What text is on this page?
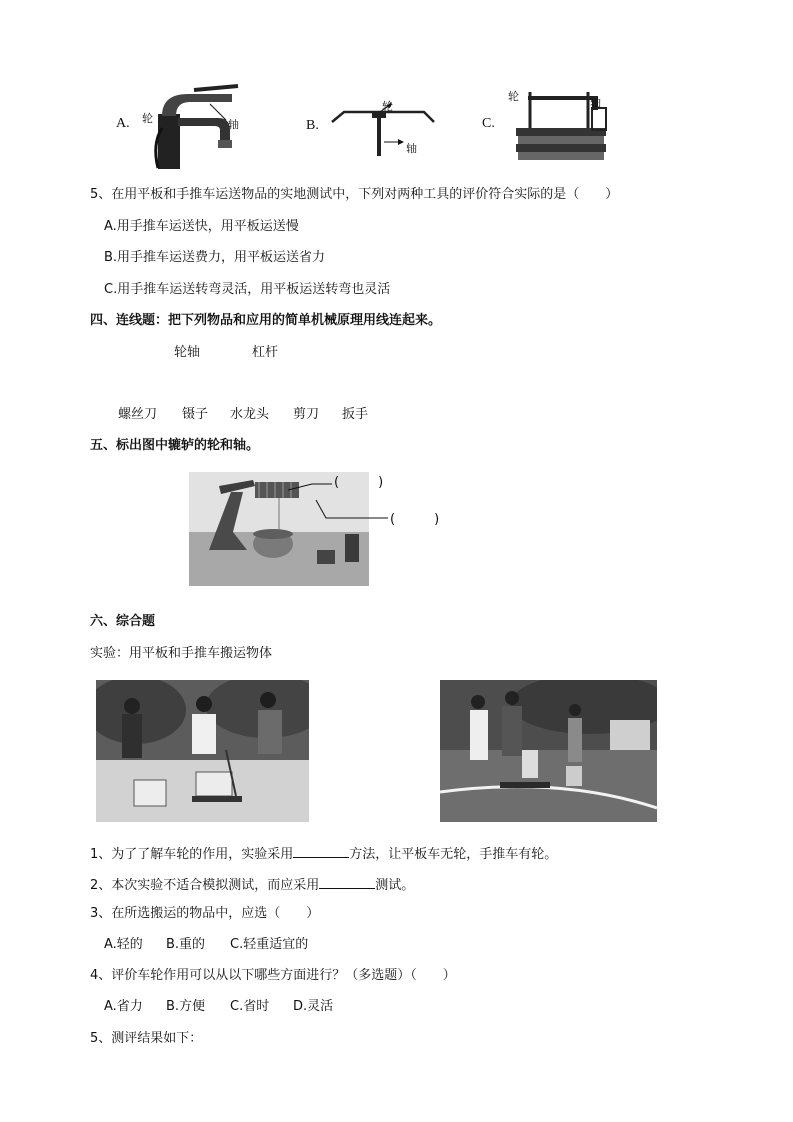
A. 轮	轴	B.
轮
轴
C.
轮	轴
5、在用平板和手推车运送物品的实地测试中，下列对两种工具的评价符合实际的是（　　）
A.用手推车运送快，用平板运送慢
B.用手推车运送费力，用平板运送省力
C.用手推车运送转弯灵活，用平板运送转弯也灵活
四、连线题：把下列物品和应用的简单机械原理用线连起来。
轮轴	杠杆
螺丝刀 镊子 水龙头 剪刀 扳手
五、标出图中辘轳的轮和轴。
(　　　)
(　　　)
六、综合题
实验：用平板和手推车搬运物体
1、为了了解车轮的作用，实验采用	方法，让平板车无轮，手推车有轮。
2、本次实验不适合模拟测试，而应采用	测试。
3、在所选搬运的物品中，应选（　　）
A.轻的 B.重的 C.轻重适宜的
4、评价车轮作用可以从以下哪些方面进行？（多选题）（　　）
A.省力 B.方便 C.省时 D.灵活
5、测评结果如下：
